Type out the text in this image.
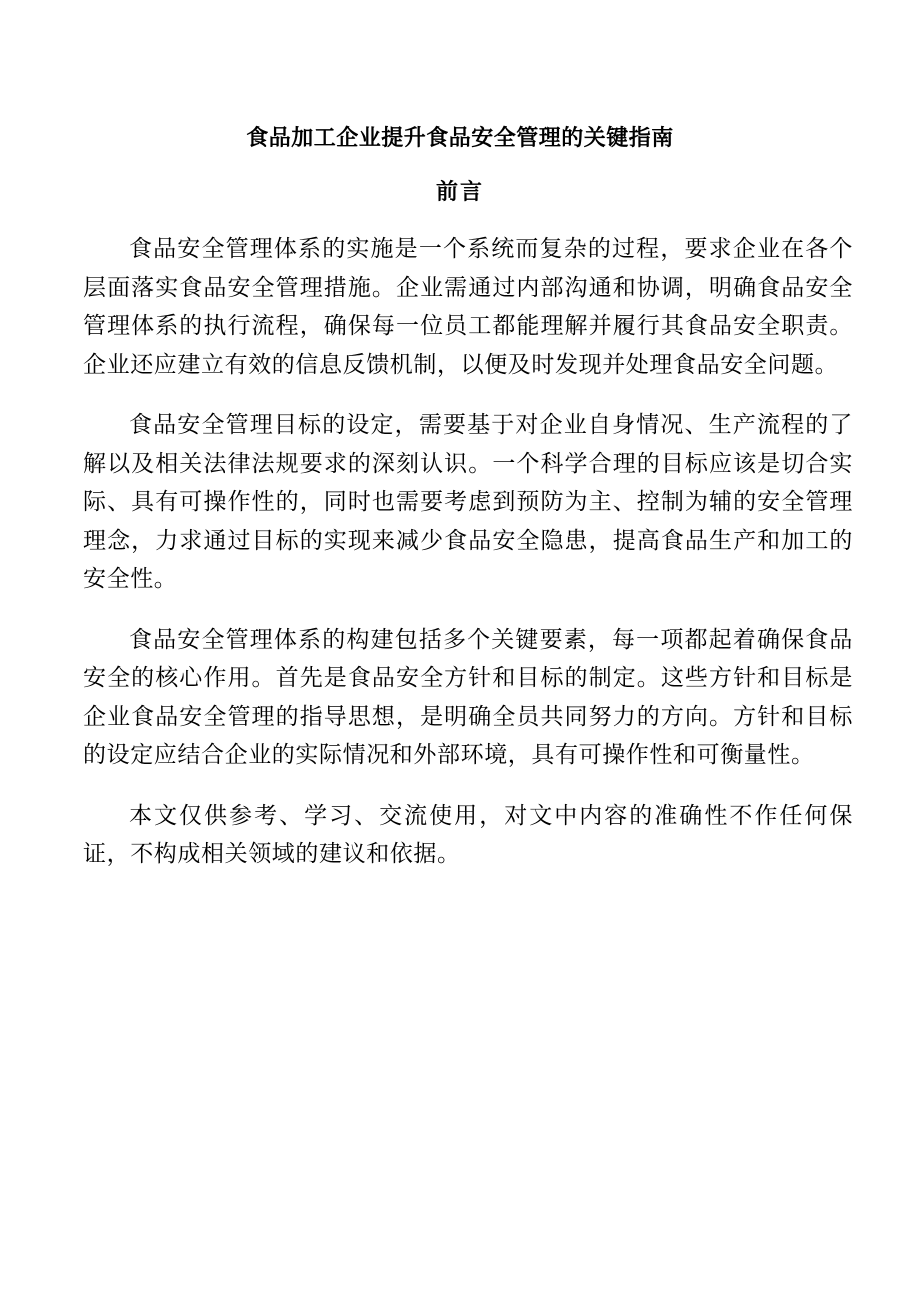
食品加工企业提升食品安全管理的关键指南
前言

食品安全管理体系的实施是一个系统而复杂的过程，要求企业在各个层面落实食品安全管理措施。企业需通过内部沟通和协调，明确食品安全管理体系的执行流程，确保每一位员工都能理解并履行其食品安全职责。企业还应建立有效的信息反馈机制，以便及时发现并处理食品安全问题。

食品安全管理目标的设定，需要基于对企业自身情况、生产流程的了解以及相关法律法规要求的深刻认识。一个科学合理的目标应该是切合实际、具有可操作性的，同时也需要考虑到预防为主、控制为辅的安全管理理念，力求通过目标的实现来减少食品安全隐患，提高食品生产和加工的安全性。

食品安全管理体系的构建包括多个关键要素，每一项都起着确保食品安全的核心作用。首先是食品安全方针和目标的制定。这些方针和目标是企业食品安全管理的指导思想，是明确全员共同努力的方向。方针和目标的设定应结合企业的实际情况和外部环境，具有可操作性和可衡量性。

本文仅供参考、学习、交流使用，对文中内容的准确性不作任何保证，不构成相关领域的建议和依据。
